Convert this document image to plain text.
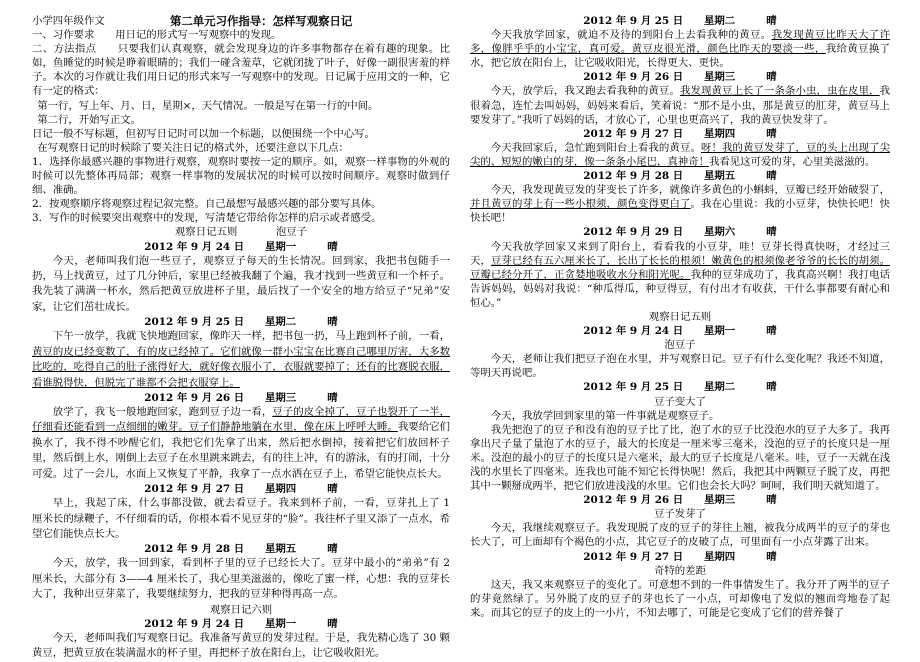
小学四年级作文	第二单元习作指导：怎样写观察日记

一、习作要求　　用日记的形式写一写观察中的发现。

二、方法指点　　只要我们认真观察，就会发现身边的许多事物都存在着有趣的现象。比如，鱼睡觉的时候是睁着眼睛的；我们一碰含羞草，它就闭拢了叶子，好像一副很害羞的样子。本次的习作就让我们用日记的形式来写一写观察中的发现。日记属于应用文的一种，它有一定的格式：

第一行，写上年、月、日，星期×，天气情况。一般是写在第一行的中间。

第二行，开始写正文。

日记一般不写标题，但初写日记时可以加一个标题，以便围绕一个中心写。

在写观察日记的时候除了要关注日记的格式外，还要注意以下几点：

1．选择你最感兴趣的事物进行观察，观察时要按一定的顺序。如，观察一样事物的外观的时候可以先整体再局部；观察一样事物的发展状况的时候可以按时间顺序。观察时做到仔细、准确。

2．按观察顺序将观察过程记叙完整。自己最想写最感兴趣的部分要写具体。

3．写作的时候要突出观察中的发现，写清楚它带给你怎样的启示或者感受。

观察日记五则	泡豆子

2012 年 9 月 24 日　　星期一　　　晴

今天，老师叫我们泡一些豆子，观察豆子每天的生长情况。回到家，我把书包随手一扔，马上找黄豆，过了几分钟后，家里已经被我翻了个遍，我才找到一些黄豆和一个杯子。我先装了满满一杯水，然后把黄豆放进杯子里，最后找了一个安全的地方给豆子“兄弟”安家，让它们茁壮成长。

2012 年 9 月 25 日　　星期二　　　晴

下午一放学，我就飞快地跑回家，像昨天一样，把书包一扔，马上跑到杯子前，一看，黄豆的皮已经变数了，有的皮已经掉了。它们就像一群小宝宝在比赛自己哪里厉害，大多数比吃的，吃得自己的肚子涨得好大，就好像衣服小了，衣服就要掉了；还有的比赛脱衣服，看谁脱得快，但脱完了谁都不会把衣服穿上。

2012 年 9 月 26 日　　星期三　　　晴

放学了，我飞一般地跑回家，跑到豆子边一看，豆子的皮全掉了，豆子也裂开了一半，仔细看还能看到一点细细的嫩芽。豆子们静静地躺在水里，像在床上呼呼大睡。我要给它们换水了，我不得不吵醒它们，我把它们先拿了出来，然后把水倒掉，接着把它们放回杯子里，然后倒上水，刚倒上去豆子在水里跳来跳去，有的往上冲，有的游泳，有的打闹，十分可爱。过了一会儿，水面上又恢复了平静，我拿了一点水洒在豆子上，希望它能快点长大。

2012 年 9 月 27 日　　星期四　　　晴

早上，我起了床，什么事都没做，就去看豆子。我来到杯子前，一看，豆芽扎上了 1 厘米长的绿鞭子，不仔细看的话，你根本看不见豆芽的“脸”。我往杯子里又添了一点水，希望它们能快点长大。

2012 年 9 月 28 日　　星期五　　　晴

今天，放学，我一回到家，看到杯子里的豆子已经长大了。豆芽中最小的“弟弟”有 2 厘米长，大部分有 3——4 厘米长了，我心里美滋滋的，像吃了蜜一样，心想：我的豆芽长大了，我种出豆芽菜了，我要继续努力，把我的豆芽种得再高一点。

观察日记六则

2012 年 9 月 24 日　　星期一　　　晴

今天，老师叫我们写观察日记。我准备写黄豆的发芽过程。于是，我先精心选了 30 颗黄豆，把黄豆放在装满温水的杯子里，再把杯子放在阳台上，让它吸收阳光。

2012 年 9 月 25 日　　星期二　　　晴

今天我放学回家，就迫不及待的到阳台上去看我种的黄豆。我发现黄豆比昨天大了许多，像胖乎乎的小宝宝，真可爱。黄豆皮很光滑，颜色比昨天的要淡一些，我给黄豆换了水，把它放在阳台上，让它吸收阳光，长得更大、更快。

2012 年 9 月 26 日　　星期三　　　晴

今天，放学后，我又跑去看我种的黄豆。我发现黄豆上长了一条条小虫，虫在皮里，我很着急，连忙去叫妈妈，妈妈来看后，笑着说：“那不是小虫，那是黄豆的肛芽，黄豆马上要发芽了。”我听了妈妈的话，才放心了，心里也更高兴了，我的黄豆快发芽了。

2012 年 9 月 27 日　　星期四　　　晴

今天我回家后，急忙跑到阳台上看我的黄豆。呀！我的黄豆发芽了，豆的头上出现了尖尖的、短短的嫩白的芽，像一条条小尾巴，真神奇！我看见这可爱的芽，心里美滋滋的。

2012 年 9 月 28 日　　星期五　　　晴

今天，我发现黄豆发的芽变长了许多，就像许多黄色的小蝌蚪，豆瓣已经开始破裂了，并且黄豆的芽上有一些小根须，颜色变得更白了。我在心里说：我的小豆芽，快快长吧！快快长吧！

2012 年 9 月 29 日　　星期六　　　晴

今天我放学回家又来到了阳台上，看看我的小豆芽，哇！豆芽长得真快呀，才经过三天，豆芽已经有五六厘米长了，长出了长长的根须！嫩黄色的根须像老爷爷的长长的胡须。豆瓣已经分开了，正贪婪地吸收水分和阳光呢。我种的豆芽成功了，我真高兴啊！我打电话告诉妈妈，妈妈对我说：“种瓜得瓜，种豆得豆，有付出才有收获，干什么事都要有耐心和恒心。”

观察日记五则

2012 年 9 月 24 日　　星期一　　　晴

泡豆子

今天，老师让我们把豆子泡在水里，并写观察日记。豆子有什么变化呢？我还不知道，等明天再说吧。

2012 年 9 月 25 日　　星期二　　　晴

豆子变大了

今天，我放学回到家里的第一件事就是观察豆子。

我先把泡了的豆子和没有泡的豆子比了比，泡了水的豆子比没泡水的豆子大多了。我再拿出尺子量了量泡了水的豆子，最大的长度是一厘米零三毫米，没泡的豆子的长度只是一厘米。没泡的最小的豆子的长度只是六毫米，最大的豆子长度是八毫米。哇，豆子一天就在浅浅的水里长了四毫米。连我也可能不知它长得快呢！然后，我把其中两颗豆子脱了皮，再把其中一颗掰成两半，把它们放进浅浅的水里。它们也会长大吗？呵呵，我们明天就知道了。

2012 年 9 月 26 日　　星期三　　　晴

豆子发芽了

今天，我继续观察豆子。我发现脱了皮的豆子的芽往上翘，被我分成两半的豆子的芽也长大了，可上面却有个褐色的小点，其它豆子的皮破了点，可里面有一小点芽露了出来。

2012 年 9 月 27 日　　星期四　　　晴

奇特的差距

这天，我又来观察豆子的变化了。可意想不到的一件事情发生了。我分开了两半的豆子的芽竟然绿了。另外脱了皮的豆子的芽也长了一小点，可却像电了发似的翘而弯地卷了起来。而其它的豆子的皮上的一小片，不知去哪了，可能是它变成了它们的营养餐了
